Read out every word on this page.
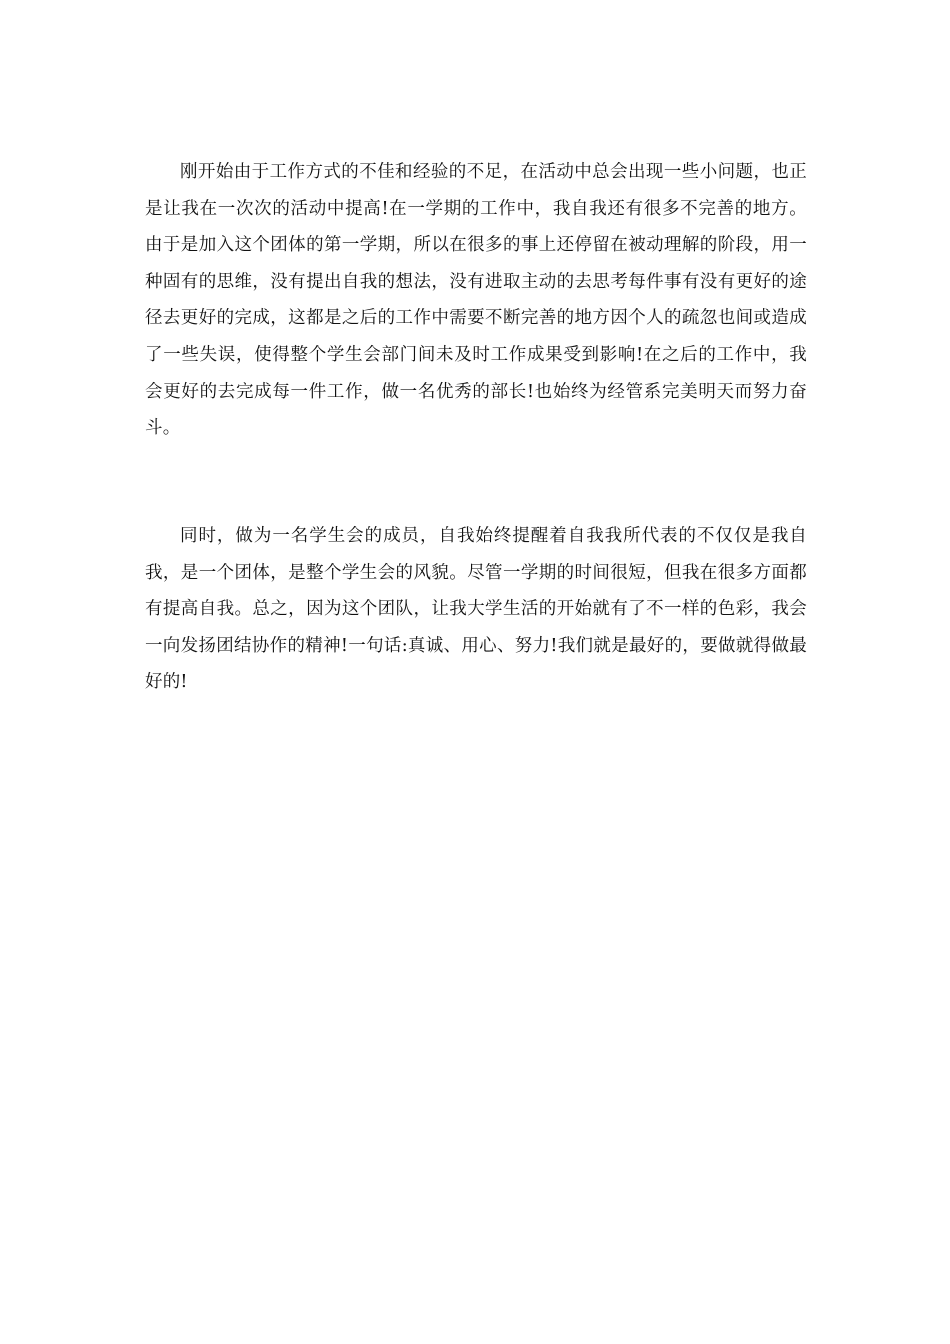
刚开始由于工作方式的不佳和经验的不足，在活动中总会出现一些小问题，也正是让我在一次次的活动中提高!在一学期的工作中，我自我还有很多不完善的地方。由于是加入这个团体的第一学期，所以在很多的事上还停留在被动理解的阶段，用一种固有的思维，没有提出自我的想法，没有进取主动的去思考每件事有没有更好的途径去更好的完成，这都是之后的工作中需要不断完善的地方因个人的疏忽也间或造成了一些失误，使得整个学生会部门间未及时工作成果受到影响!在之后的工作中，我会更好的去完成每一件工作，做一名优秀的部长!也始终为经管系完美明天而努力奋斗。

同时，做为一名学生会的成员，自我始终提醒着自我我所代表的不仅仅是我自我，是一个团体，是整个学生会的风貌。尽管一学期的时间很短，但我在很多方面都有提高自我。总之，因为这个团队，让我大学生活的开始就有了不一样的色彩，我会一向发扬团结协作的精神!一句话:真诚、用心、努力!我们就是最好的，要做就得做最好的!
